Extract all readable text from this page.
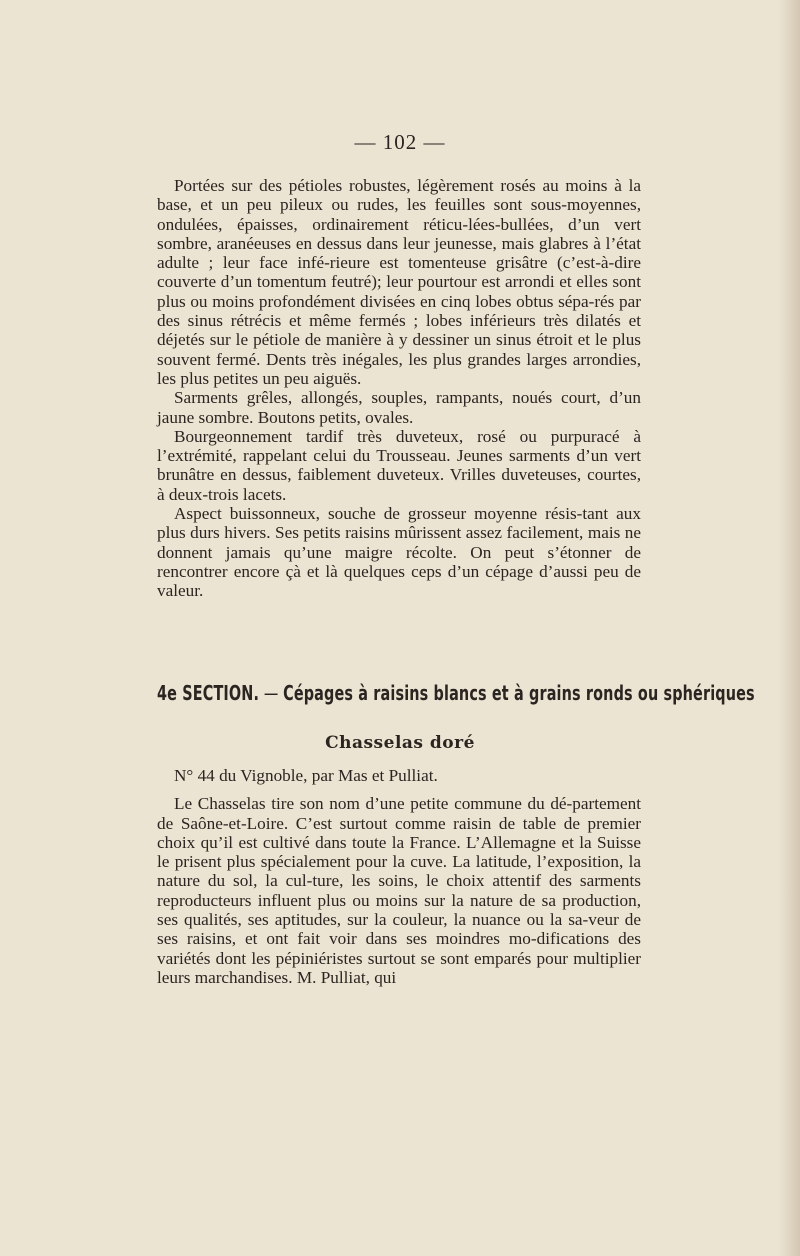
— 102 —

Portées sur des pétioles robustes, légèrement rosés au moins à la base, et un peu pileux ou rudes, les feuilles sont sous-moyennes, ondulées, épaisses, ordinairement réticu-lées-bullées, d’un vert sombre, aranéeuses en dessus dans leur jeunesse, mais glabres à l’état adulte ; leur face infé-rieure est tomenteuse grisâtre (c’est-à-dire couverte d’un tomentum feutré); leur pourtour est arrondi et elles sont plus ou moins profondément divisées en cinq lobes obtus sépa-rés par des sinus rétrécis et même fermés ; lobes inférieurs très dilatés et déjetés sur le pétiole de manière à y dessiner un sinus étroit et le plus souvent fermé. Dents très inégales, les plus grandes larges arrondies, les plus petites un peu aiguës.

Sarments grêles, allongés, souples, rampants, noués court, d’un jaune sombre. Boutons petits, ovales.

Bourgeonnement tardif très duveteux, rosé ou purpuracé à l’extrémité, rappelant celui du Trousseau. Jeunes sarments d’un vert brunâtre en dessus, faiblement duveteux. Vrilles duveteuses, courtes, à deux-trois lacets.

Aspect buissonneux, souche de grosseur moyenne résis-tant aux plus durs hivers. Ses petits raisins mûrissent assez facilement, mais ne donnent jamais qu’une maigre récolte. On peut s’étonner de rencontrer encore çà et là quelques ceps d’un cépage d’aussi peu de valeur.

4e SECTION. — Cépages à raisins blancs et à grains ronds ou sphériques
Chasselas doré

N° 44 du Vignoble, par Mas et Pulliat.

Le Chasselas tire son nom d’une petite commune du dé-partement de Saône-et-Loire. C’est surtout comme raisin de table de premier choix qu’il est cultivé dans toute la France. L’Allemagne et la Suisse le prisent plus spécialement pour la cuve. La latitude, l’exposition, la nature du sol, la cul-ture, les soins, le choix attentif des sarments reproducteurs influent plus ou moins sur la nature de sa production, ses qualités, ses aptitudes, sur la couleur, la nuance ou la sa-veur de ses raisins, et ont fait voir dans ses moindres mo-difications des variétés dont les pépiniéristes surtout se sont emparés pour multiplier leurs marchandises. M. Pulliat, qui
